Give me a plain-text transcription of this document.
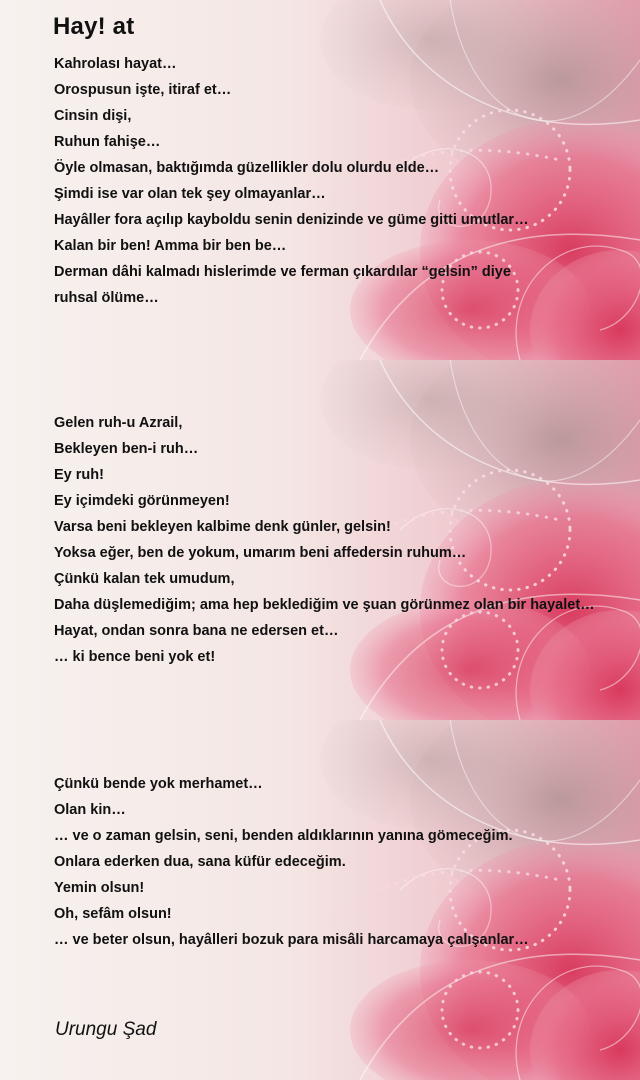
Hay! at
Kahrolası hayat…
Orospusun işte, itiraf et…
Cinsin dişi,
Ruhun fahişe…
Öyle olmasan, baktığımda güzellikler dolu olurdu elde…
Şimdi ise var olan tek şey olmayanlar…
Hayâller fora açılıp kayboldu senin denizinde ve güme gitti umutlar…
Kalan bir ben! Amma bir ben be…
Derman dâhi kalmadı hislerimde ve ferman çıkardılar “gelsin” diye
ruhsal ölüme…
Gelen ruh-u Azrail,
Bekleyen ben-i ruh…
Ey ruh!
Ey içimdeki görünmeyen!
Varsa beni bekleyen kalbime denk günler, gelsin!
Yoksa eğer, ben de yokum, umarım beni affedersin ruhum…
Çünkü kalan tek umudum,
Daha düşlemediğim; ama hep beklediğim ve şuan görünmez olan bir hayalet…
Hayat, ondan sonra bana ne edersen et…
… ki bence beni yok et!
Çünkü bende yok merhamet…
Olan kin…
… ve o zaman gelsin, seni, benden aldıklarının yanına gömeceğim.
Onlara ederken dua, sana küfür edeceğim.
Yemin olsun!
Oh, sefâm olsun!
… ve beter olsun, hayâlleri bozuk para misâli harcamaya çalışanlar…
Urungu Şad
